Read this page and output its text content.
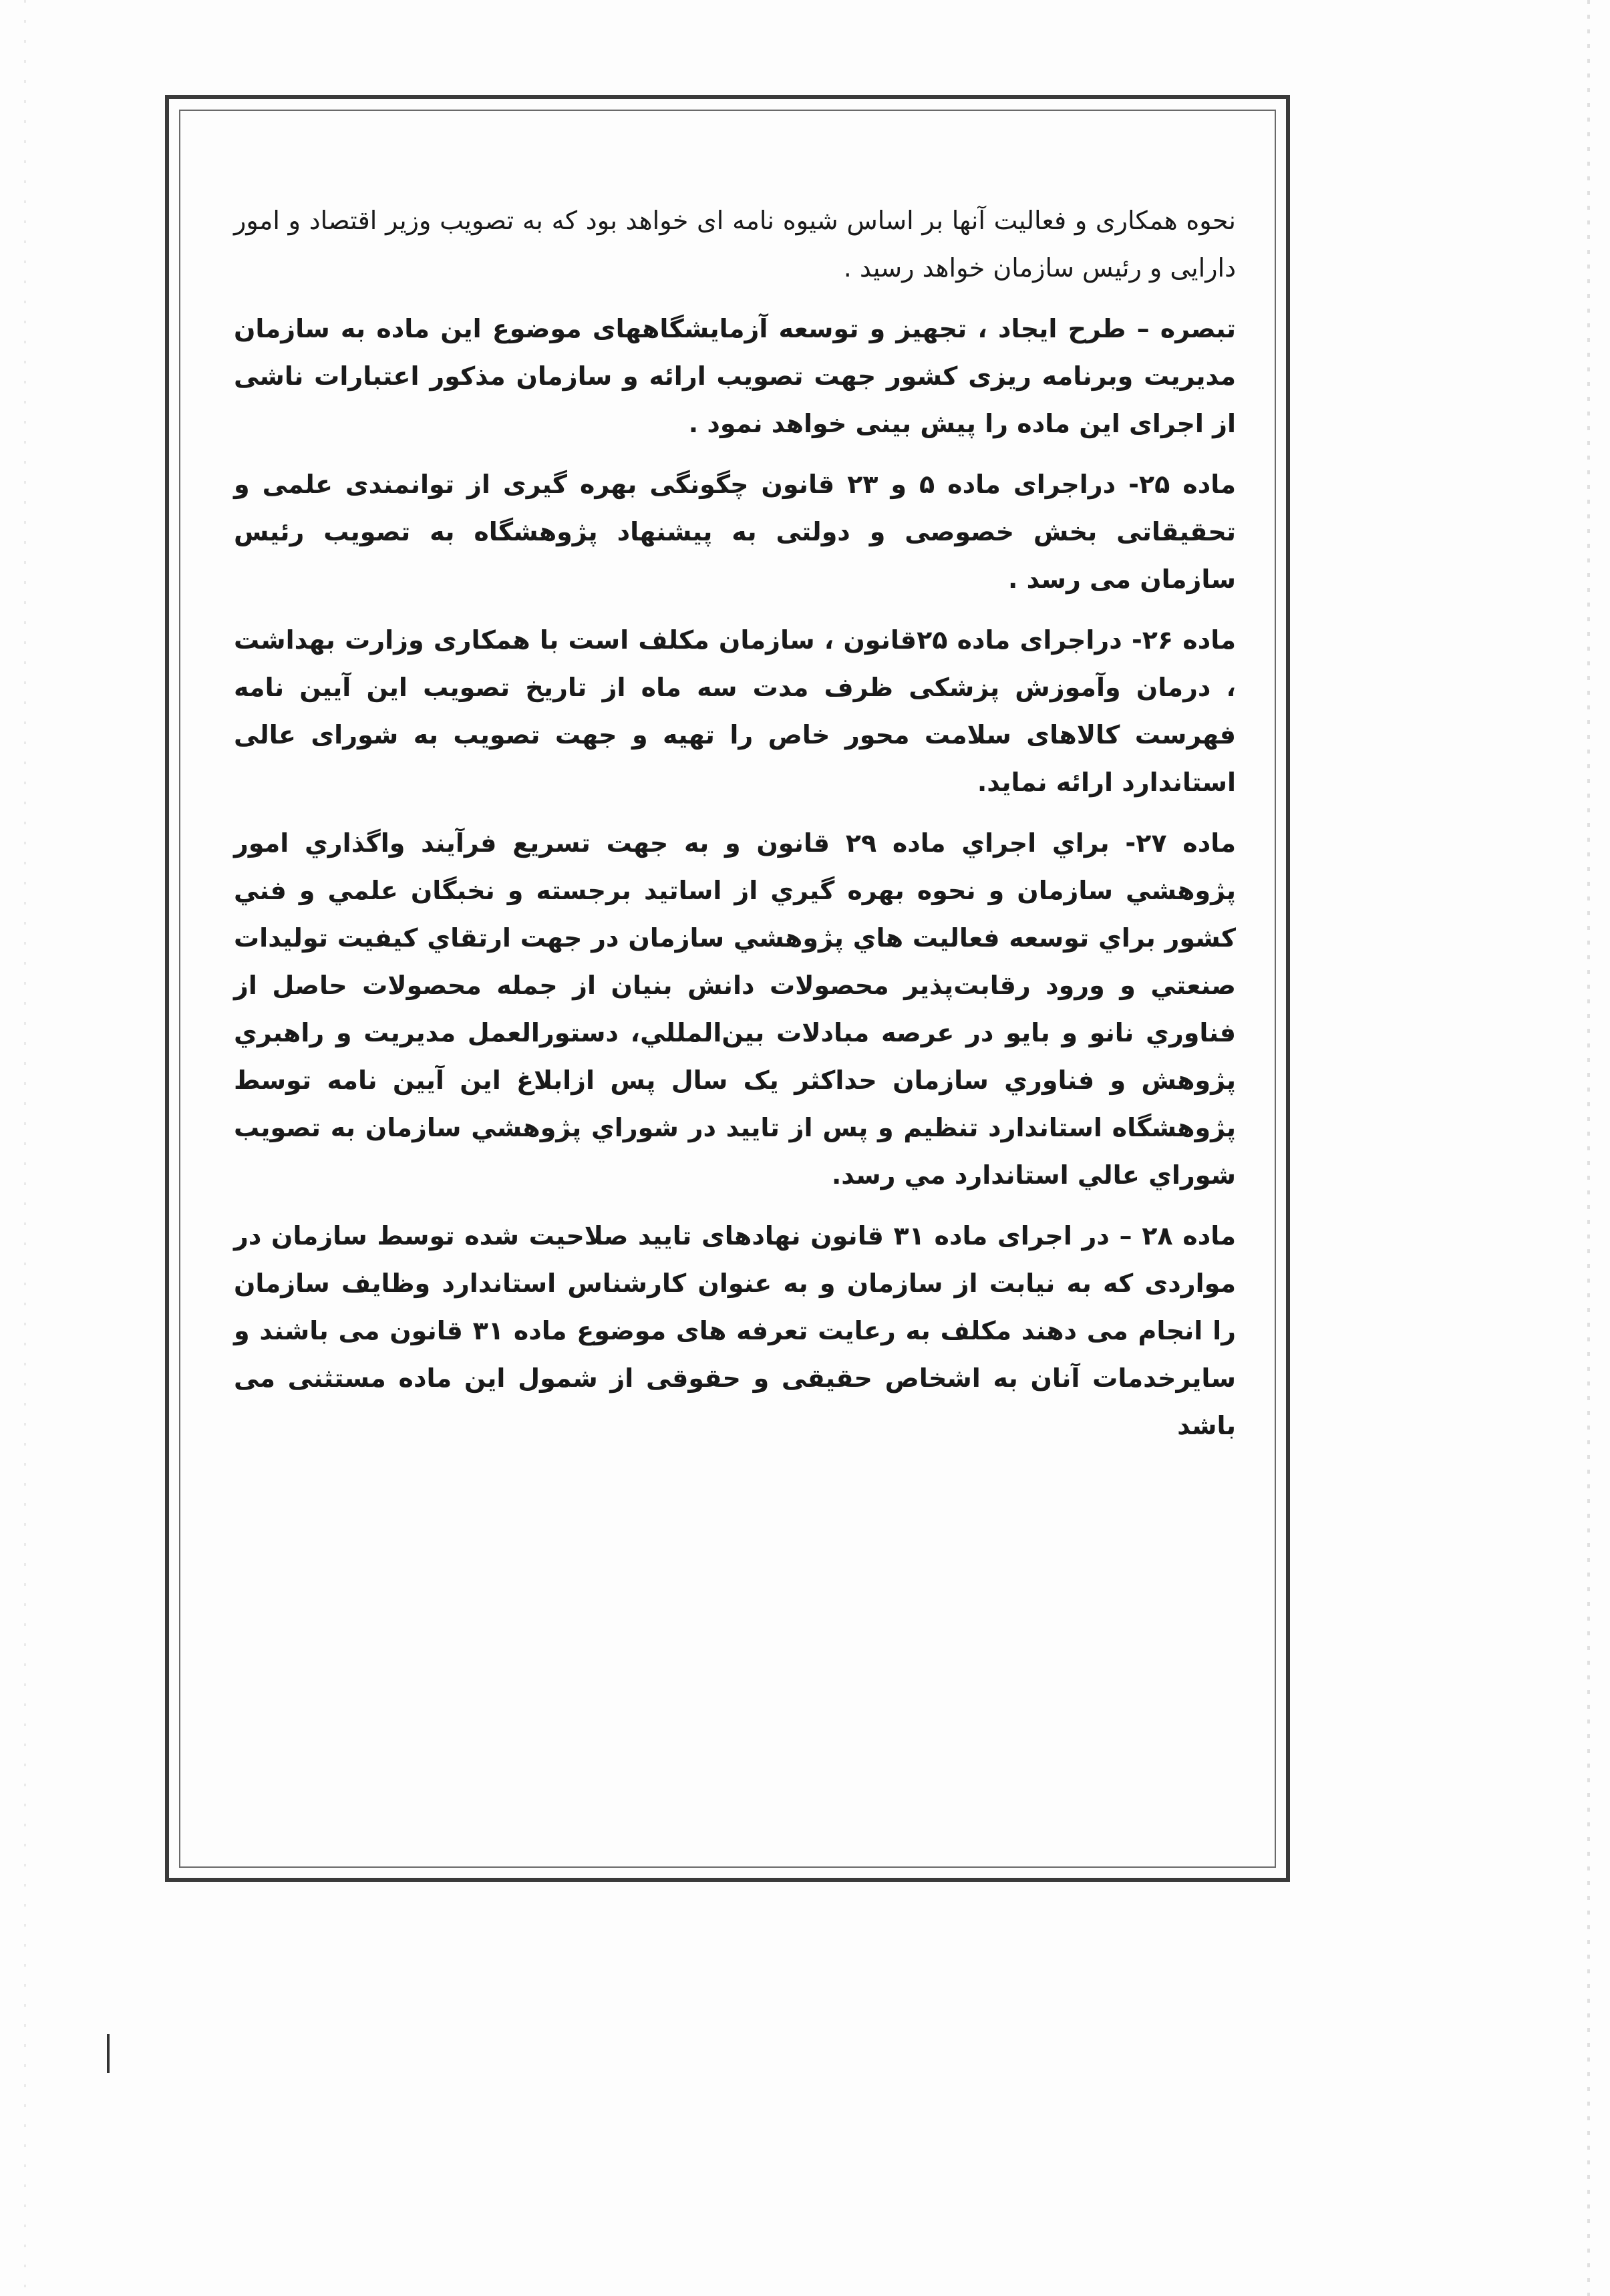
نحوه همکاری و فعالیت آنها بر اساس شیوه نامه ای خواهد بود که به تصویب وزیر اقتصاد و امور دارایی و رئیس سازمان خواهد رسید .

تبصره – طرح ایجاد ، تجهیز و توسعه آزمایشگاههای موضوع این ماده به سازمان مدیریت وبرنامه ریزی کشور جهت تصویب ارائه و سازمان مذکور اعتبارات ناشی از اجرای این ماده را پیش بینی خواهد نمود .

ماده ۲۵- دراجرای ماده ۵ و ۲۳ قانون چگونگی بهره گیری از توانمندی علمی و تحقیقاتی بخش خصوصی و دولتی به پیشنهاد پژوهشگاه به تصویب رئیس سازمان می رسد .

ماده ۲۶- دراجرای ماده ۲۵قانون ، سازمان مکلف است با همکاری وزارت بهداشت ، درمان وآموزش پزشکی ظرف مدت سه ماه از تاریخ تصویب این آیین نامه فهرست کالاهای سلامت محور خاص را تهیه و جهت تصویب به شورای عالی استاندارد ارائه نماید.

ماده ۲۷- براي اجراي ماده ۲۹ قانون و به جهت تسريع فرآيند واگذاري امور پژوهشي سازمان و نحوه بهره گيري از اساتيد برجسته و نخبگان علمي و فني كشور براي توسعه فعاليت هاي پژوهشي سازمان در جهت ارتقاي كيفيت توليدات صنعتي و ورود رقابت‌پذير محصولات دانش بنيان از جمله محصولات حاصل از فناوري نانو و بايو در عرصه مبادلات بين‌المللي، دستورالعمل مديريت و راهبري پژوهش و فناوري سازمان حداكثر يک سال پس ازابلاغ اين آيين نامه توسط پژوهشگاه استاندارد تنظيم و پس از تاييد در شوراي پژوهشي سازمان به تصويب شوراي عالي استاندارد مي رسد.

ماده ۲۸ – در اجرای ماده ۳۱ قانون نهادهای تایید صلاحیت شده توسط سازمان در مواردی که به نیابت از سازمان و به عنوان کارشناس استاندارد وظایف سازمان را انجام می دهند مکلف به رعایت تعرفه های موضوع ماده ۳۱ قانون می باشند و سایرخدمات آنان به اشخاص حقیقی و حقوقی از شمول این ماده مستثنی می باشد
